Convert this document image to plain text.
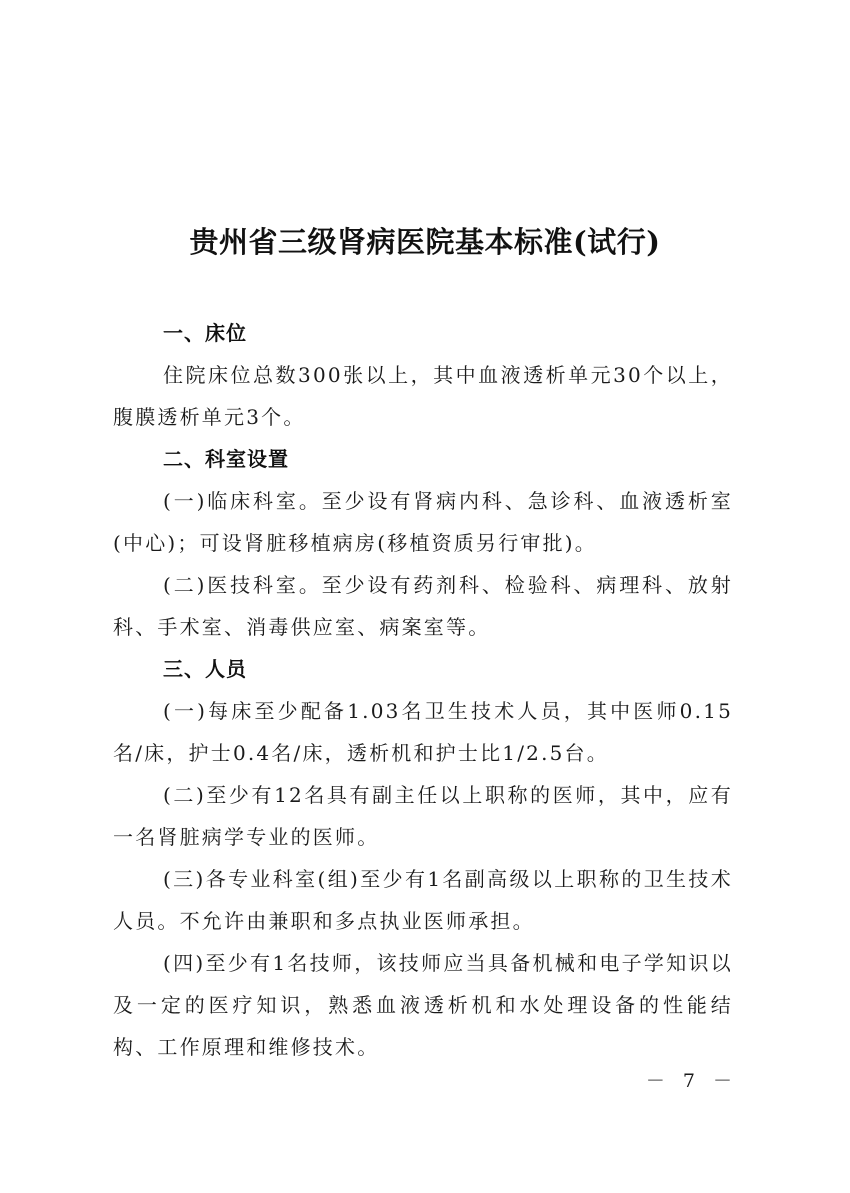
贵州省三级肾病医院基本标准(试行)

一、床位

住院床位总数300张以上，其中血液透析单元30个以上，腹膜透析单元3个。

二、科室设置

(一)临床科室。至少设有肾病内科、急诊科、血液透析室(中心)；可设肾脏移植病房(移植资质另行审批)。

(二)医技科室。至少设有药剂科、检验科、病理科、放射科、手术室、消毒供应室、病案室等。

三、人员

(一)每床至少配备1.03名卫生技术人员，其中医师0.15名/床，护士0.4名/床，透析机和护士比1/2.5台。

(二)至少有12名具有副主任以上职称的医师，其中，应有一名肾脏病学专业的医师。

(三)各专业科室(组)至少有1名副高级以上职称的卫生技术人员。不允许由兼职和多点执业医师承担。

(四)至少有1名技师，该技师应当具备机械和电子学知识以及一定的医疗知识，熟悉血液透析机和水处理设备的性能结构、工作原理和维修技术。

－ 7 －
